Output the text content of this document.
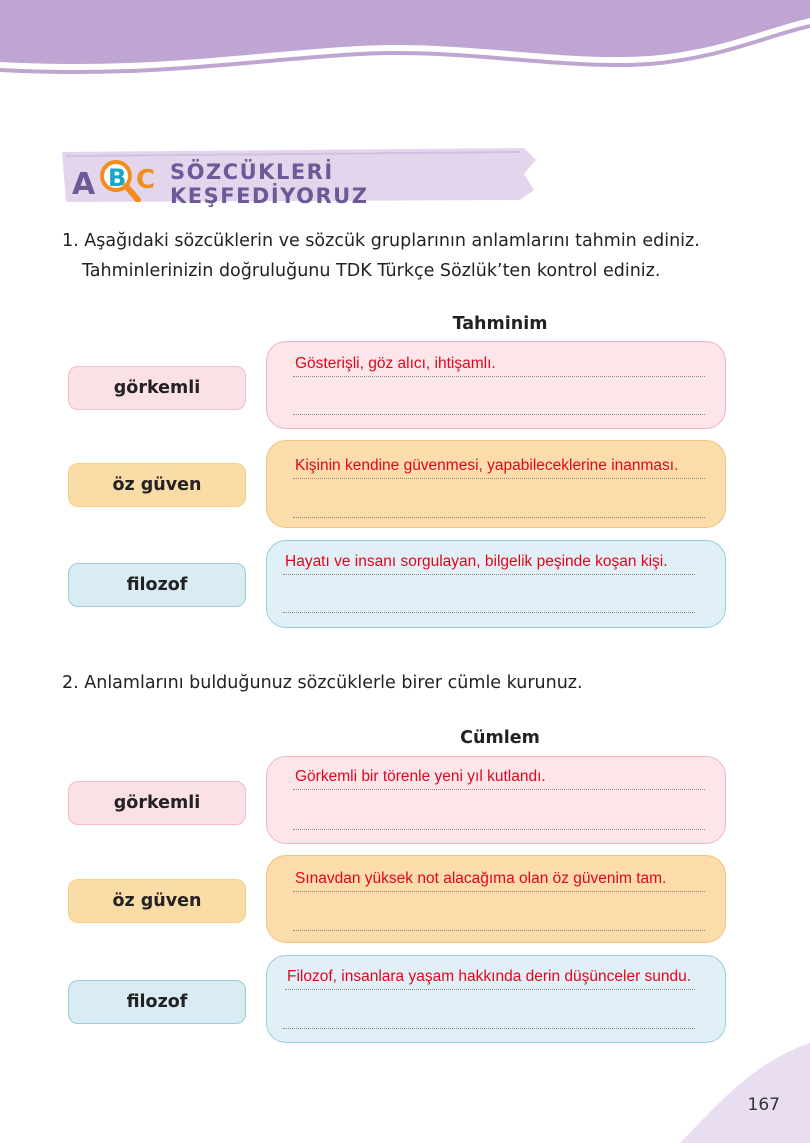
A B C SÖZCÜKLERİ KEŞFEDİYORUZ
1. Aşağıdaki sözcüklerin ve sözcük gruplarının anlamlarını tahmin ediniz.
Tahminlerinizin doğruluğunu TDK Türkçe Sözlük’ten kontrol ediniz.
Tahminim
görkemli
Gösterişli, göz alıcı, ihtişamlı.
öz güven
Kişinin kendine güvenmesi, yapabileceklerine inanması.
filozof
Hayatı ve insanı sorgulayan, bilgelik peşinde koşan kişi.
2. Anlamlarını bulduğunuz sözcüklerle birer cümle kurunuz.
Cümlem
görkemli
Görkemli bir törenle yeni yıl kutlandı.
öz güven
Sınavdan yüksek not alacağıma olan öz güvenim tam.
filozof
Filozof, insanlara yaşam hakkında derin düşünceler sundu.
167
